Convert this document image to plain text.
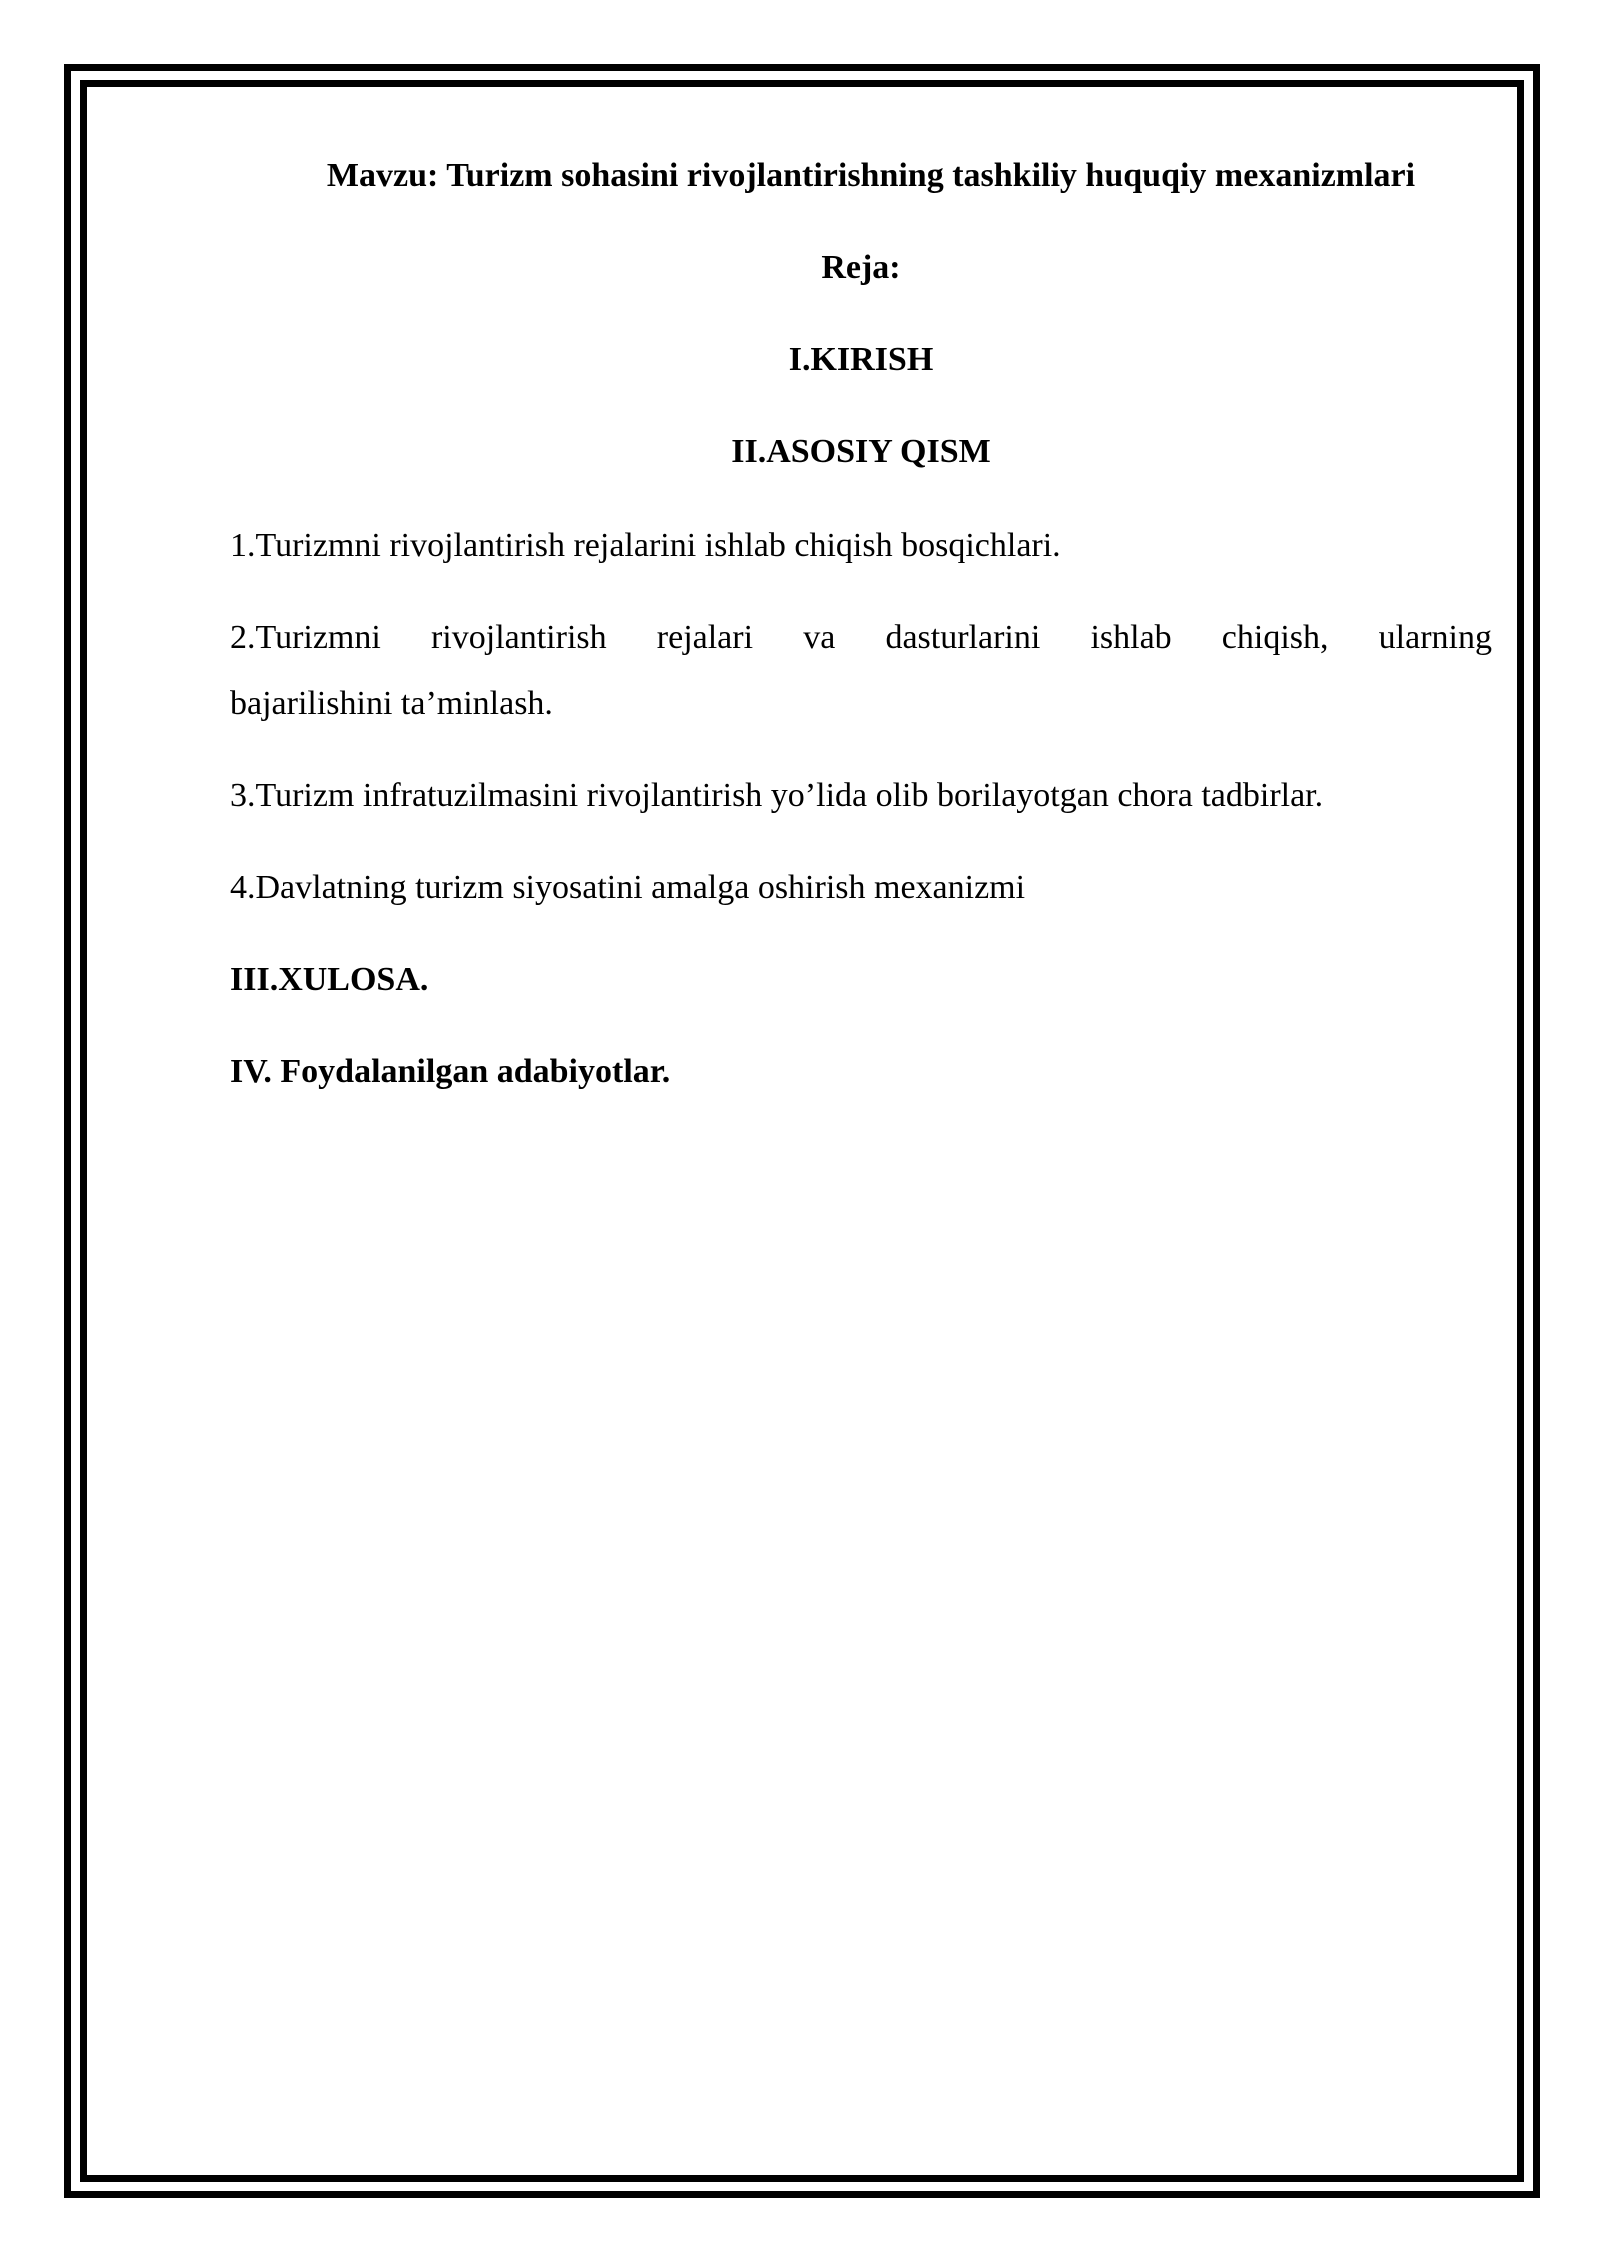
Mavzu: Turizm sohasini rivojlantirishning tashkiliy huquqiy mexanizmlari

Reja:

I.KIRISH

II.ASOSIY QISM

1.Turizmni rivojlantirish rejalarini ishlab chiqish bosqichlari.

2.Turizmni rivojlantirish rejalari va dasturlarini ishlab chiqish, ularning

bajarilishini ta’minlash.

3.Turizm infratuzilmasini rivojlantirish yo’lida olib borilayotgan chora tadbirlar.

4.Davlatning turizm siyosatini amalga oshirish mexanizmi

III.XULOSA.

IV. Foydalanilgan adabiyotlar.
